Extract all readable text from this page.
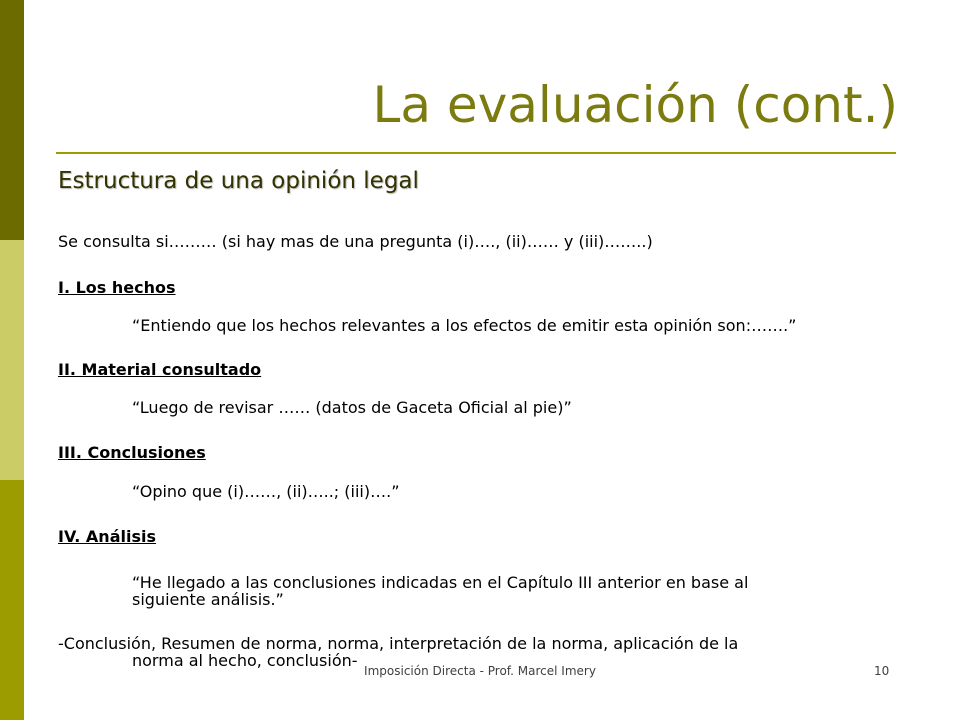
La evaluación (cont.)
Estructura de una opinión legal
Se consulta si……… (si hay mas de una pregunta (i)…., (ii)…… y (iii)……..)
I. Los hechos
“Entiendo que los hechos relevantes a los efectos de emitir esta opinión son:…….”
II. Material consultado
“Luego de revisar …… (datos de Gaceta Oficial al pie)”
III. Conclusiones
“Opino que (i)……, (ii)…..; (iii)….”
IV. Análisis
“He llegado a las conclusiones indicadas en el Capítulo III anterior en base al
siguiente análisis.”
-Conclusión, Resumen de norma, norma, interpretación de la norma, aplicación de la
norma al hecho, conclusión-
Imposición Directa - Prof. Marcel Imery	10
